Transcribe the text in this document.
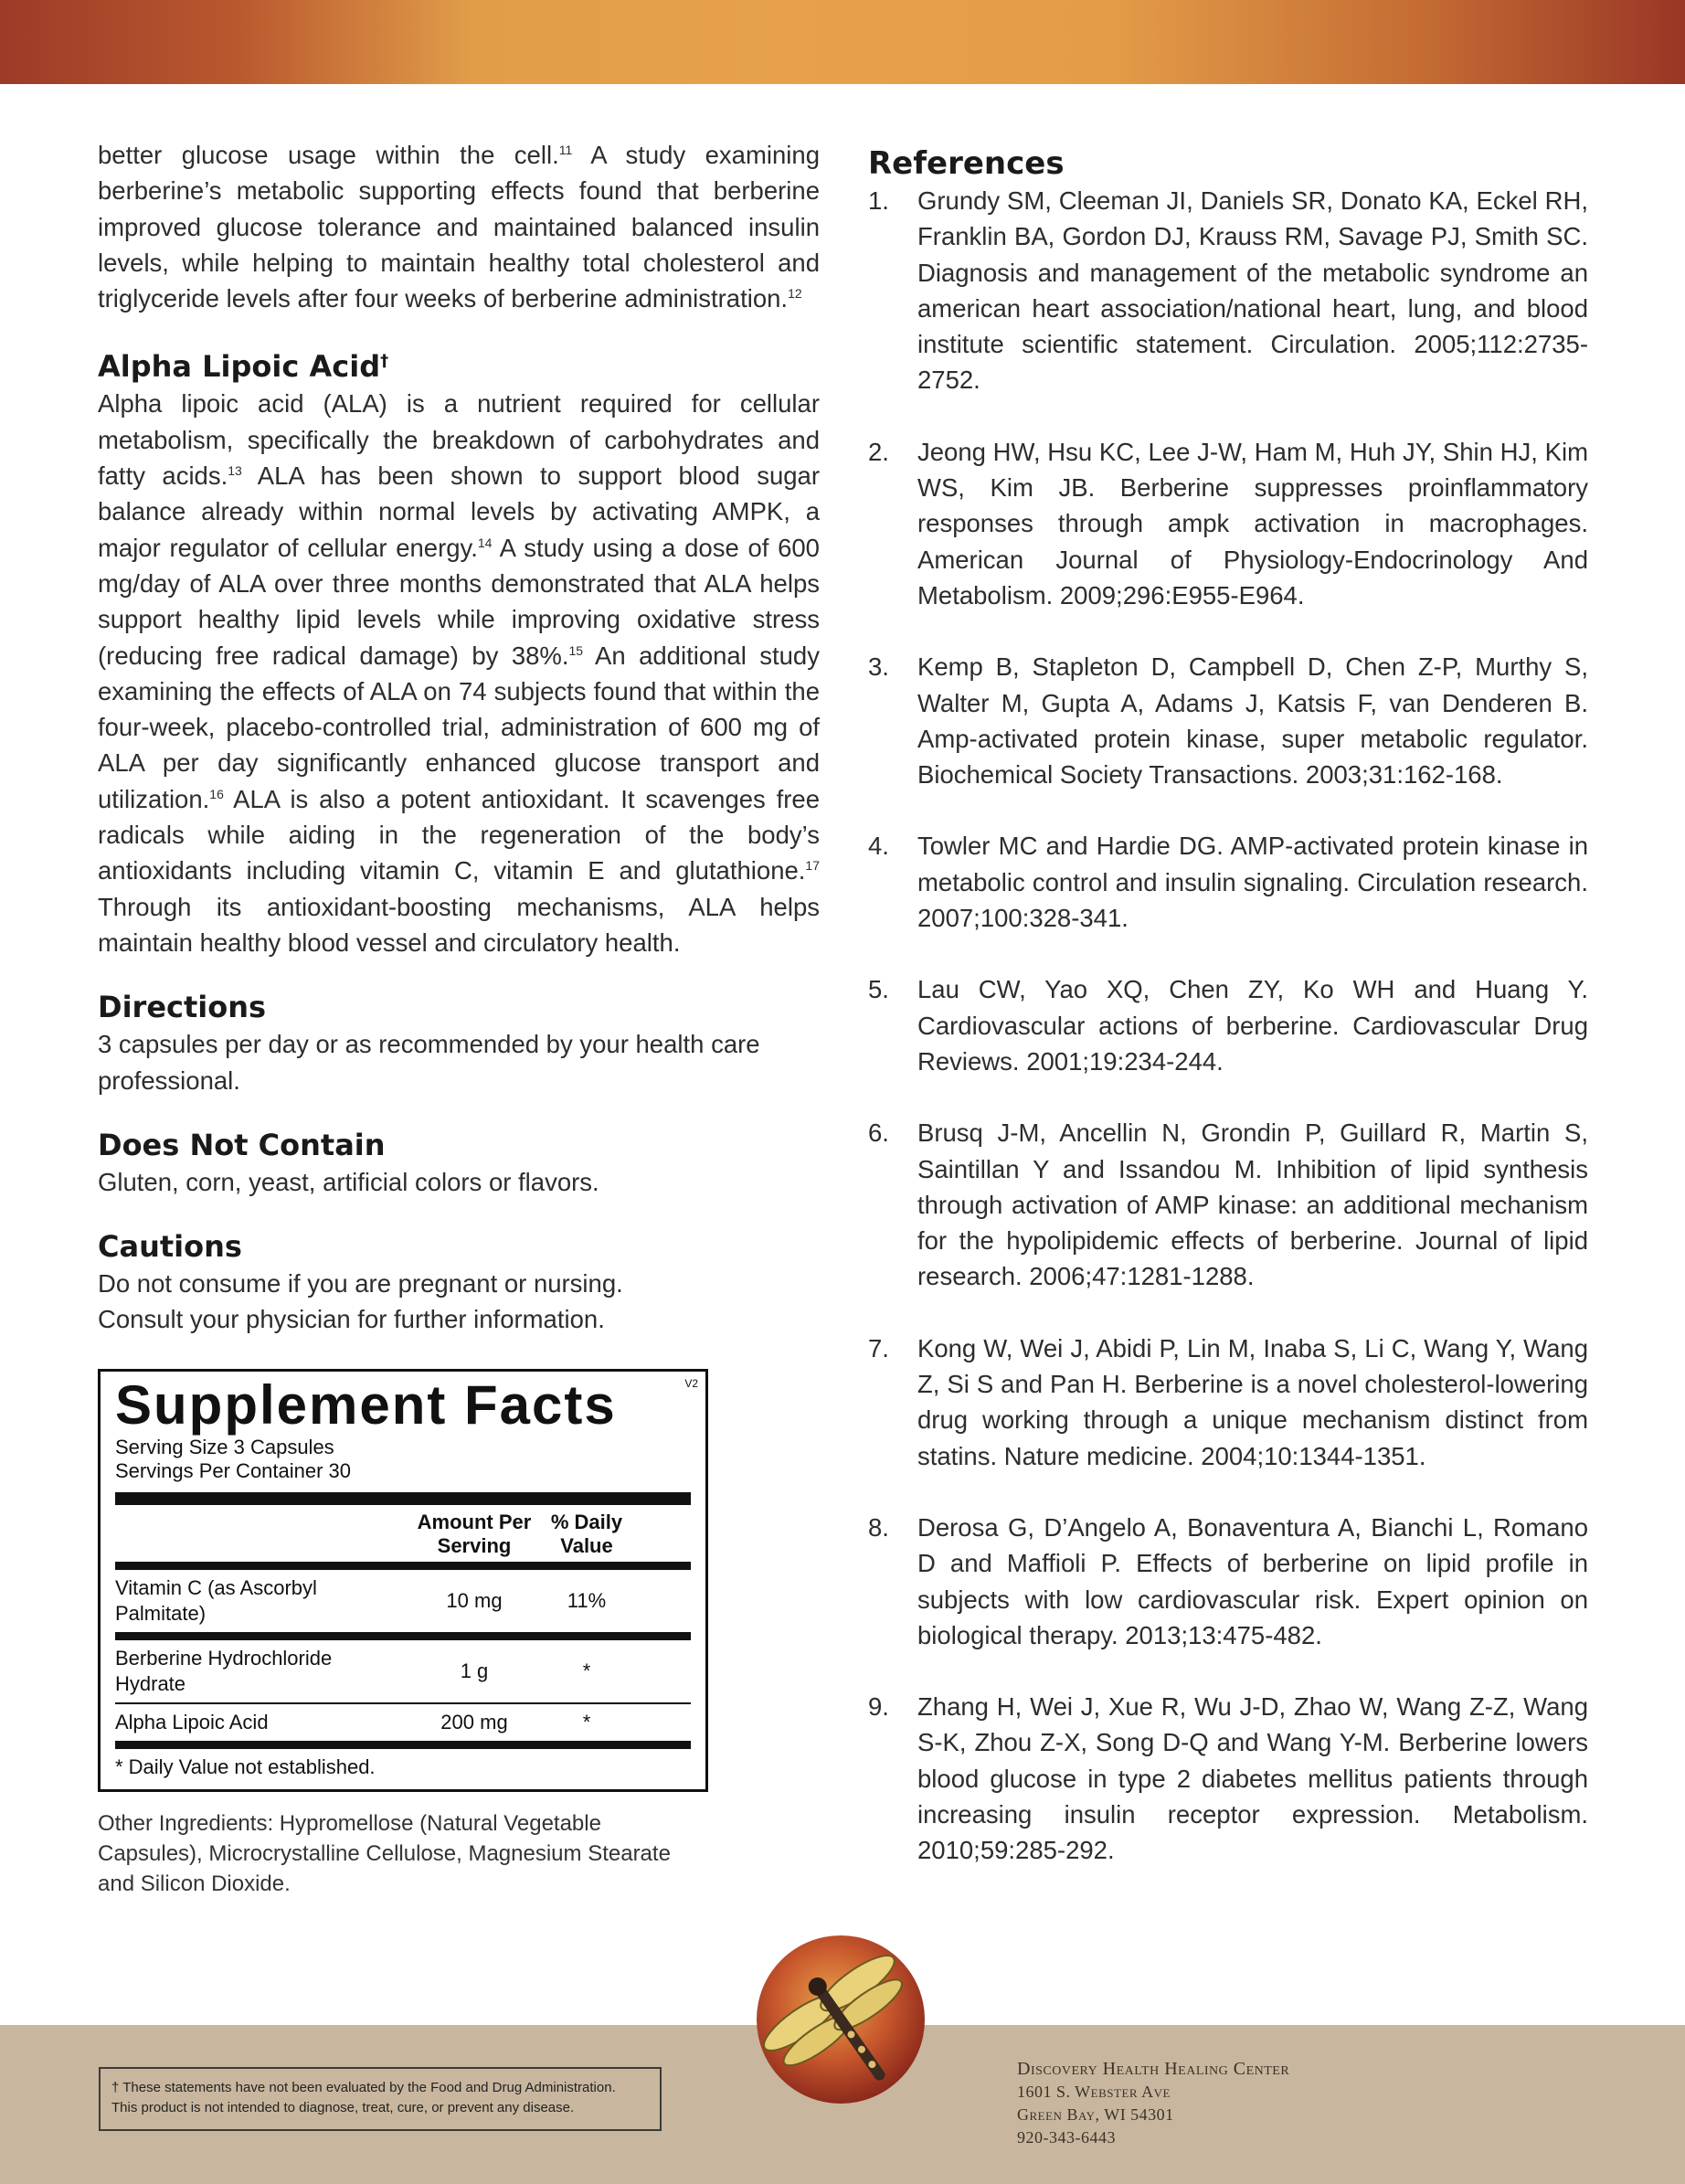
better glucose usage within the cell.$^{11}$ A study examining berberine’s metabolic supporting effects found that berberine improved glucose tolerance and maintained balanced insulin levels, while helping to maintain healthy total cholesterol and triglyceride levels after four weeks of berberine administration.$^{12}$

Alpha Lipoic Acid†

Alpha lipoic acid (ALA) is a nutrient required for cellular metabolism, specifically the breakdown of carbohydrates and fatty acids.$^{13}$ ALA has been shown to support blood sugar balance already within normal levels by activating AMPK, a major regulator of cellular energy.$^{14}$ A study using a dose of 600 mg/day of ALA over three months demonstrated that ALA helps support healthy lipid levels while improving oxidative stress (reducing free radical damage) by 38%.$^{15}$ An additional study examining the effects of ALA on 74 subjects found that within the four-week, placebo-controlled trial, administration of 600 mg of ALA per day significantly enhanced glucose transport and utilization.$^{16}$ ALA is also a potent antioxidant. It scavenges free radicals while aiding in the regeneration of the body’s antioxidants including vitamin C, vitamin E and glutathione.$^{17}$ Through its antioxidant-boosting mechanisms, ALA helps maintain healthy blood vessel and circulatory health.

Directions

3 capsules per day or as recommended by your health care professional.

Does Not Contain

Gluten, corn, yeast, artificial colors or flavors.

Cautions

Do not consume if you are pregnant or nursing.

Consult your physician for further information.

V2
Supplement Facts
Serving Size 3 Capsules
Servings Per Container 30
Amount Per
Serving
% Daily
Value
Vitamin C (as Ascorbyl Palmitate)
10 mg	11%
Berberine Hydrochloride Hydrate
1 g	*
Alpha Lipoic Acid	200 mg	*
* Daily Value not established.
Other Ingredients: Hypromellose (Natural Vegetable Capsules), Microcrystalline Cellulose, Magnesium Stearate and Silicon Dioxide.
References
1. Grundy SM, Cleeman JI, Daniels SR, Donato KA, Eckel RH, Franklin BA, Gordon DJ, Krauss RM, Savage PJ, Smith SC. Diagnosis and management of the metabolic syndrome an american heart association/national heart, lung, and blood institute scientific statement. Circulation. 2005;112:2735-2752.
2. Jeong HW, Hsu KC, Lee J-W, Ham M, Huh JY, Shin HJ, Kim WS, Kim JB. Berberine suppresses proinflammatory responses through ampk activation in macrophages. American Journal of Physiology-Endocrinology And Metabolism. 2009;296:E955-E964.
3. Kemp B, Stapleton D, Campbell D, Chen Z-P, Murthy S, Walter M, Gupta A, Adams J, Katsis F, van Denderen B. Amp-activated protein kinase, super metabolic regulator. Biochemical Society Transactions. 2003;31:162-168.
4. Towler MC and Hardie DG. AMP-activated protein kinase in metabolic control and insulin signaling. Circulation research. 2007;100:328-341.
5. Lau CW, Yao XQ, Chen ZY, Ko WH and Huang Y. Cardiovascular actions of berberine. Cardiovascular Drug Reviews. 2001;19:234-244.
6. Brusq J-M, Ancellin N, Grondin P, Guillard R, Martin S, Saintillan Y and Issandou M. Inhibition of lipid synthesis through activation of AMP kinase: an additional mechanism for the hypolipidemic effects of berberine. Journal of lipid research. 2006;47:1281-1288.
7. Kong W, Wei J, Abidi P, Lin M, Inaba S, Li C, Wang Y, Wang Z, Si S and Pan H. Berberine is a novel cholesterol-lowering drug working through a unique mechanism distinct from statins. Nature medicine. 2004;10:1344-1351.
8. Derosa G, D’Angelo A, Bonaventura A, Bianchi L, Romano D and Maffioli P. Effects of berberine on lipid profile in subjects with low cardiovascular risk. Expert opinion on biological therapy. 2013;13:475-482.
9. Zhang H, Wei J, Xue R, Wu J-D, Zhao W, Wang Z-Z, Wang S-K, Zhou Z-X, Song D-Q and Wang Y-M. Berberine lowers blood glucose in type 2 diabetes mellitus patients through increasing insulin receptor expression. Metabolism. 2010;59:285-292.
† These statements have not been evaluated by the Food and Drug Administration.
This product is not intended to diagnose, treat, cure, or prevent any disease.
Discovery Health Healing Center
1601 S. Webster Ave
Green Bay, WI 54301
920-343-6443
